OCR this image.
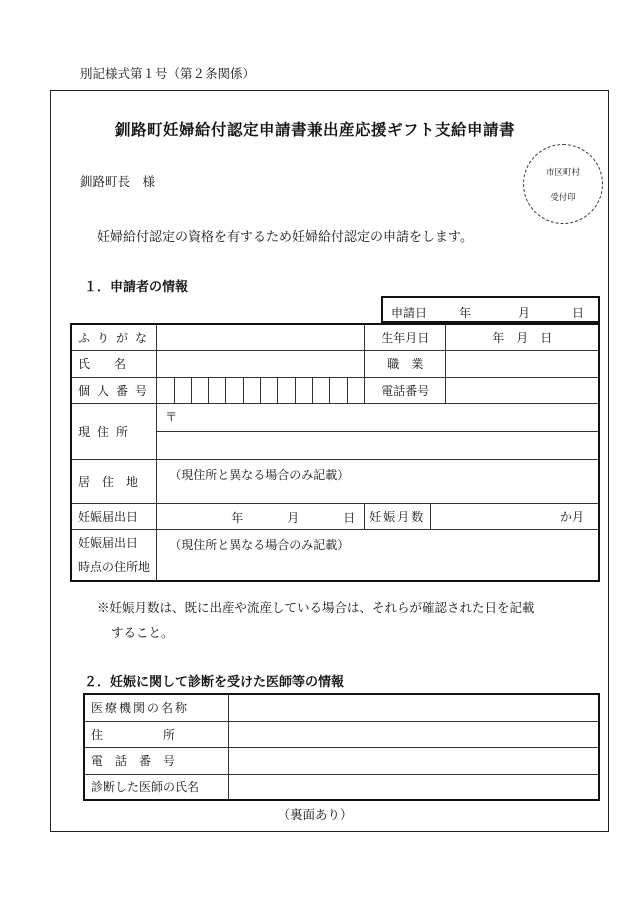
別記様式第１号（第２条関係）
釧路町妊婦給付認定申請書兼出産応援ギフト支給申請書
釧路町長　様
市区町村
受付印
妊婦給付認定の資格を有するため妊婦給付認定の申請をします。
１．申請者の情報
申請日	年	月	日
ふりがな													生年月日		年　月　日
氏　　名													職　業		
個人番号													電話番号		
現住所	〒														

居　住　地	（現住所と異なる場合のみ記載）														
妊娠届出日	年 月 日												妊娠月数	か月	

妊娠届出日
時点の住所地	（現住所と異なる場合のみ記載）														
※妊娠月数は、既に出産や流産している場合は、それらが確認された日を記載
すること。
２．妊娠に関して診断を受けた医師等の情報
医療機関の名称	
住　　　　　所	
電　話　番　号	
診断した医師の氏名	
（裏面あり）
